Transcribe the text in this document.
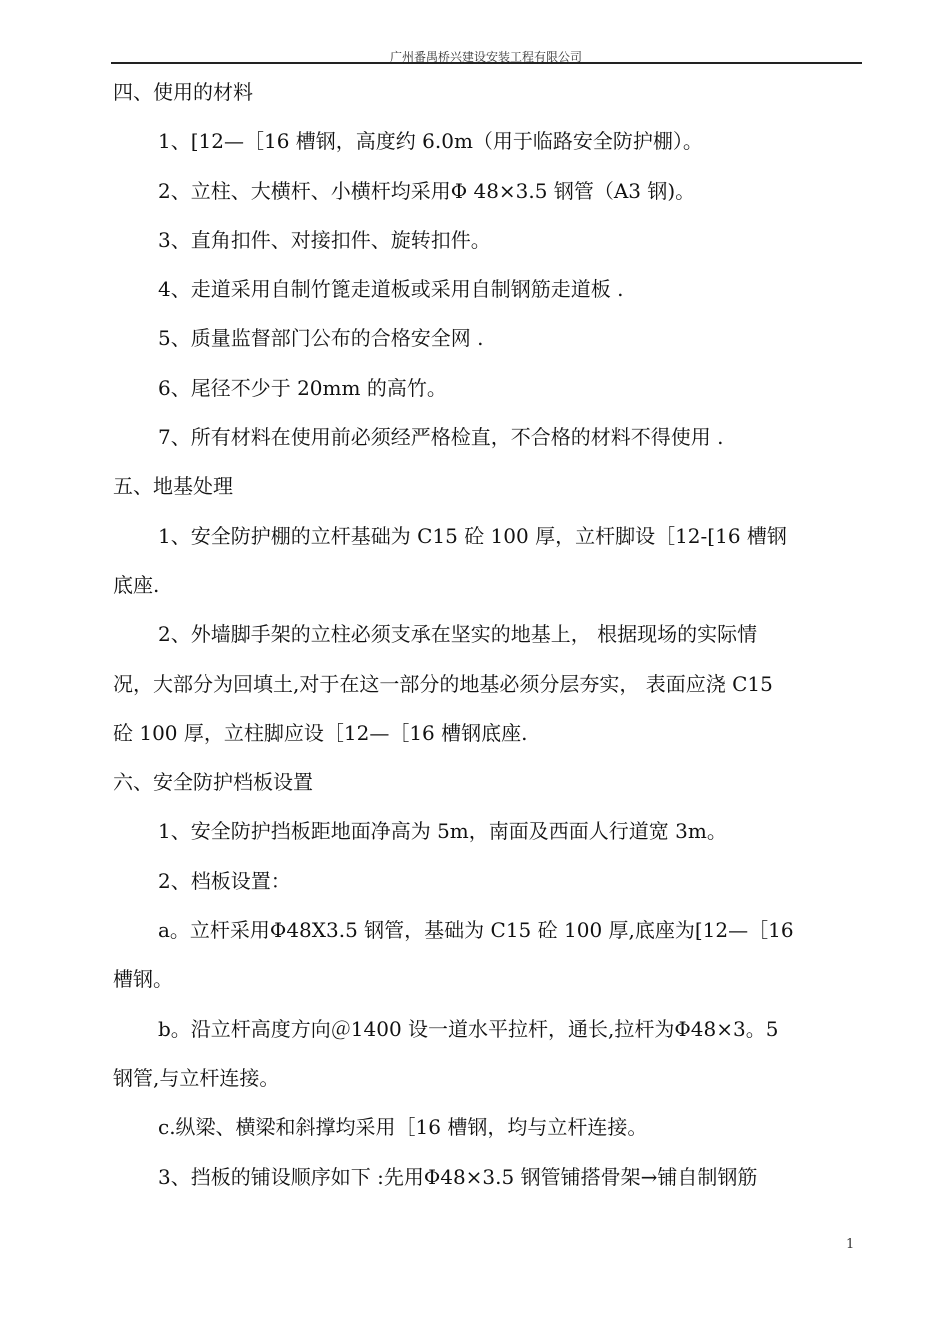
广州番禺桥兴建设安装工程有限公司
四、使用的材料
1、[12—［16 槽钢，高度约 6.0m（用于临路安全防护棚）。
2、立柱、大横杆、小横杆均采用Φ 48×3.5 钢管（A3 钢)。
3、直角扣件、对接扣件、旋转扣件。
4、走道采用自制竹篦走道板或采用自制钢筋走道板 .
5、质量监督部门公布的合格安全网 .
6、尾径不少于 20mm 的高竹。
7、所有材料在使用前必须经严格检直，不合格的材料不得使用 .
五、地基处理
1、安全防护棚的立杆基础为 C15 砼 100 厚，立杆脚设［12-[16 槽钢
底座.
2、外墙脚手架的立柱必须支承在坚实的地基上， 根据现场的实际情
况，大部分为回填土,对于在这一部分的地基必须分层夯实， 表面应浇 C15
砼 100 厚，立柱脚应设［12—［16 槽钢底座.
六、安全防护档板设置
1、安全防护挡板距地面净高为 5m，南面及西面人行道宽 3m。
2、档板设置：
a。立杆采用Φ48X3.5 钢管，基础为 C15 砼 100 厚,底座为[12—［16
槽钢。
b。沿立杆高度方向＠1400 设一道水平拉杆，通长,拉杆为Φ48×3。5
钢管,与立杆连接。
c.纵梁、横梁和斜撑均采用［16 槽钢，均与立杆连接。
3、挡板的铺设顺序如下 :先用Φ48×3.5 钢管铺搭骨架→铺自制钢筋
1
